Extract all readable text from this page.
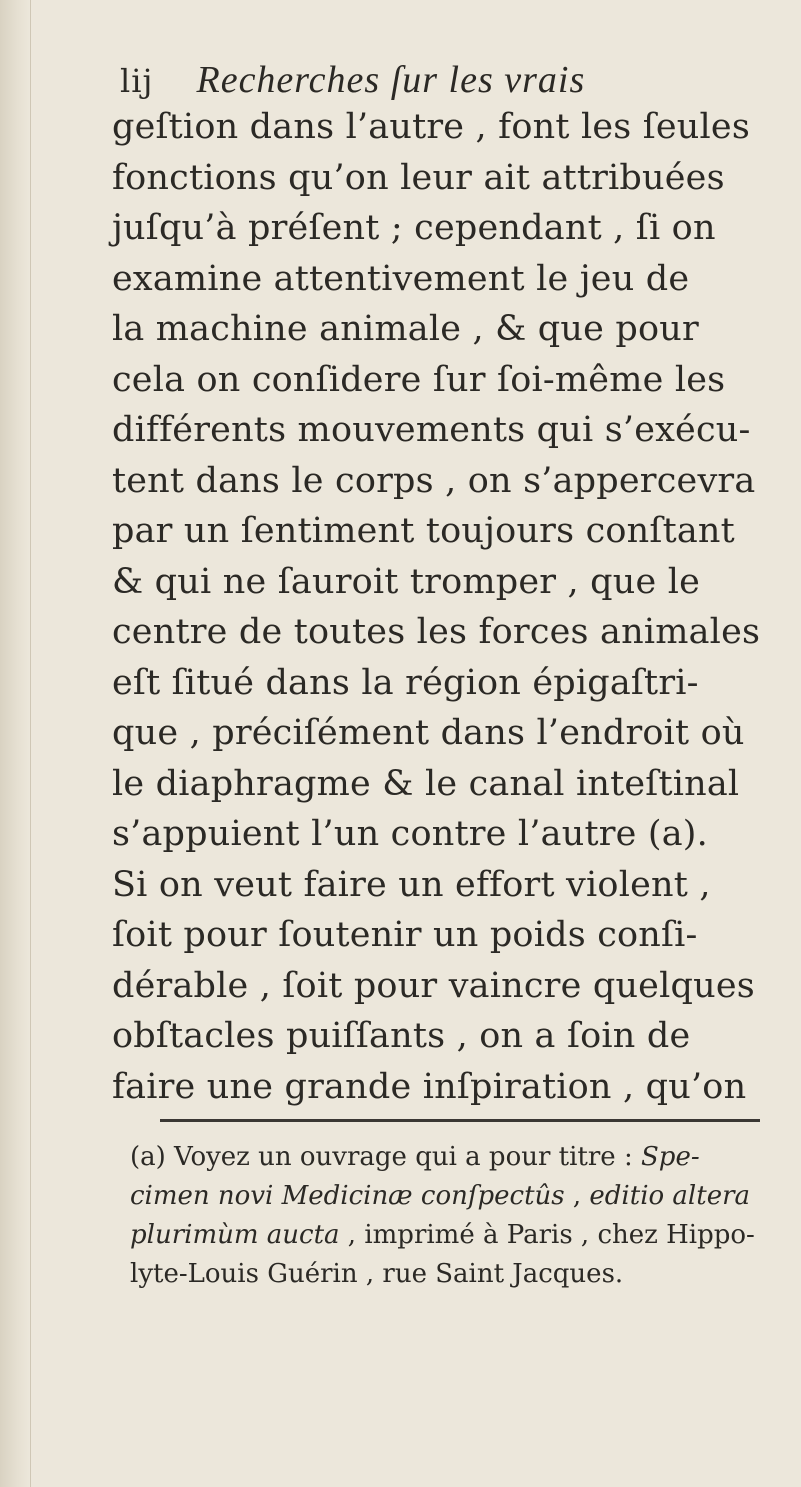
lij Recherches ſur les vrais
geſtion dans l’autre , font les ſeules
fonctions qu’on leur ait attribuées
juſqu’à préſent ; cependant , ſi on
examine attentivement le jeu de
la machine animale , & que pour
cela on conſidere ſur ſoi-même les
différents mouvements qui s’exécu-
tent dans le corps , on s’appercevra
par un ſentiment toujours conſtant
& qui ne ſauroit tromper , que le
centre de toutes les forces animales
eſt ſitué dans la région épigaſtri-
que , préciſément dans l’endroit où
le diaphragme & le canal inteſtinal
s’appuient l’un contre l’autre (a).
Si on veut faire un effort violent ,
ſoit pour ſoutenir un poids conſi-
dérable , ſoit pour vaincre quelques
obſtacles puiſſants , on a ſoin de
faire une grande inſpiration , qu’on
(a) Voyez un ouvrage qui a pour titre : Spe-
cimen novi Medicinæ conſpectûs , editio altera
plurimùm aucta , imprimé à Paris , chez Hippo-
lyte-Louis Guérin , rue Saint Jacques.
